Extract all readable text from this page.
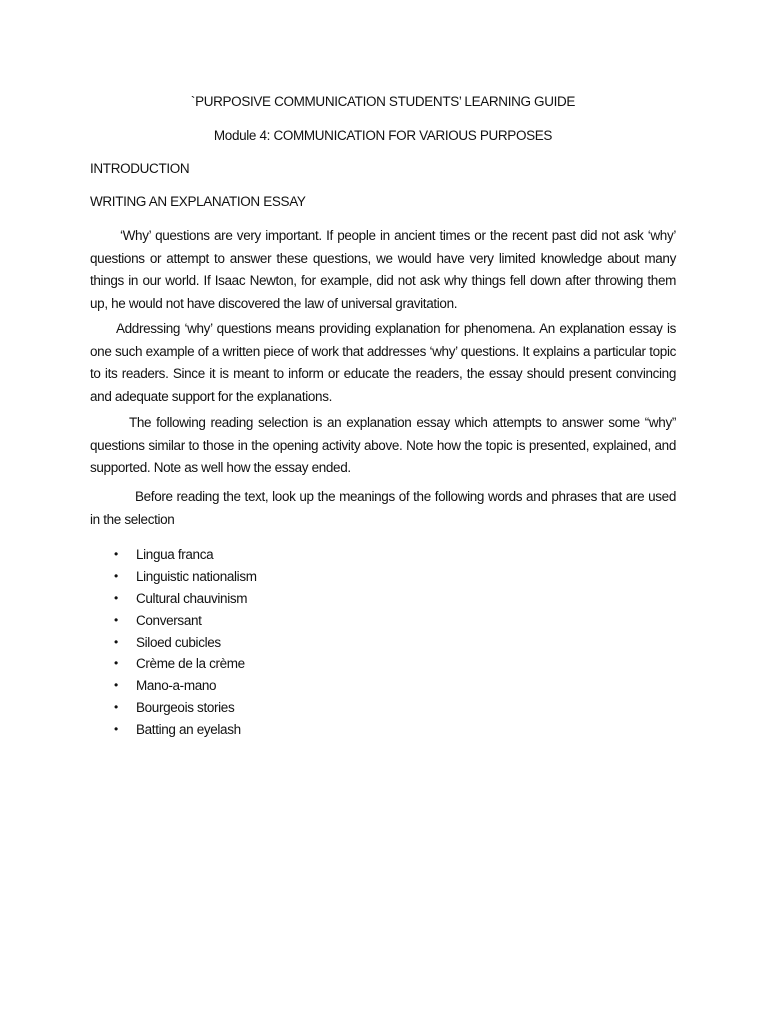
`PURPOSIVE COMMUNICATION STUDENTS’ LEARNING GUIDE
Module 4: COMMUNICATION FOR VARIOUS PURPOSES
INTRODUCTION
WRITING AN EXPLANATION ESSAY

‘Why’ questions are very important. If people in ancient times or the recent past did not ask ‘why’ questions or attempt to answer these questions, we would have very limited knowledge about many things in our world. If Isaac Newton, for example, did not ask why things fell down after throwing them up, he would not have discovered the law of universal gravitation.

Addressing ‘why’ questions means providing explanation for phenomena. An explanation essay is one such example of a written piece of work that addresses ‘why’ questions. It explains a particular topic to its readers. Since it is meant to inform or educate the readers, the essay should present convincing and adequate support for the explanations.

The following reading selection is an explanation essay which attempts to answer some “why” questions similar to those in the opening activity above. Note how the topic is presented, explained, and supported. Note as well how the essay ended.

Before reading the text, look up the meanings of the following words and phrases that are used in the selection

• Lingua franca
• Linguistic nationalism
• Cultural chauvinism
• Conversant
• Siloed cubicles
• Crème de la crème
• Mano-a-mano
• Bourgeois stories
• Batting an eyelash
